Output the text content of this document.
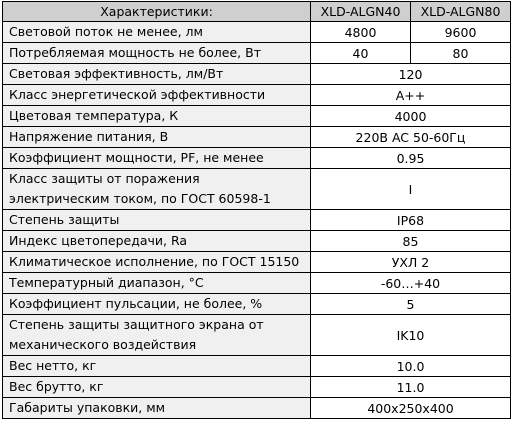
Характеристики:	XLD-ALGN40	XLD-ALGN80
Световой поток не менее, лм	4800	9600
Потребляемая мощность не более, Вт	40	80
Световая эффективность, лм/Вт	120	
Класс энергетической эффективности	A++	
Цветовая температура, К	4000	
Напряжение питания, В	220В AC 50-60Гц	
Коэффициент мощности, PF, не менее	0.95	
Класс защиты от поражения электрическим током, по ГОСТ 60598-1	I	
Степень защиты	IP68	
Индекс цветопередачи, Ra	85	
Климатическое исполнение, по ГОСТ 15150	УХЛ 2	
Температурный диапазон, °С	-60…+40	
Коэффициент пульсации, не более, %	5	
Степень защиты защитного экрана от механического воздействия	IK10	
Вес нетто, кг	10.0	
Вес брутто, кг	11.0	
Габариты упаковки, мм	400x250x400	
